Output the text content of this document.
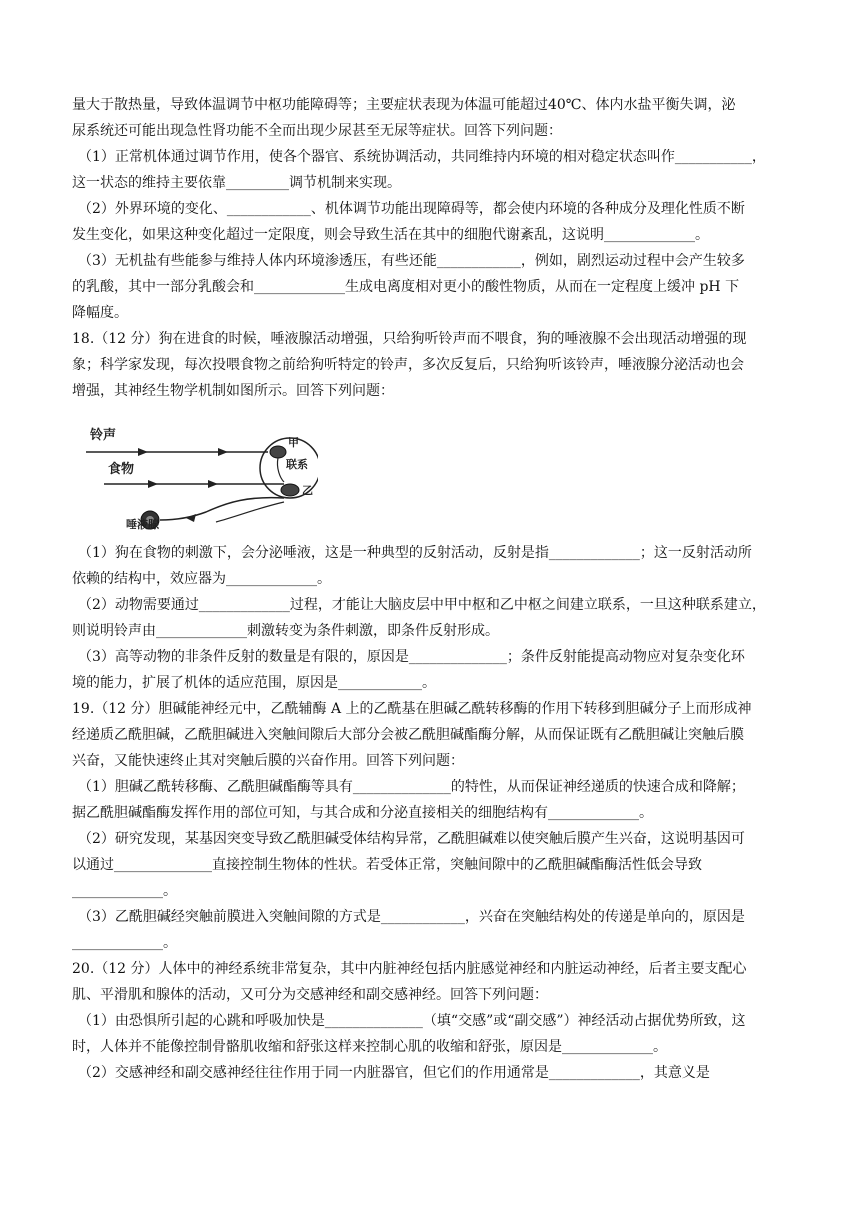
量大于散热量，导致体温调节中枢功能障碍等；主要症状表现为体温可能超过40℃、体内水盐平衡失调，泌
尿系统还可能出现急性肾功能不全而出现少尿甚至无尿等症状。回答下列问题：
（1）正常机体通过调节作用，使各个器官、系统协调活动，共同维持内环境的相对稳定状态叫作___________，
这一状态的维持主要依靠_________调节机制来实现。
（2）外界环境的变化、____________、机体调节功能出现障碍等，都会使内环境的各种成分及理化性质不断
发生变化，如果这种变化超过一定限度，则会导致生活在其中的细胞代谢紊乱，这说明_____________。
（3）无机盐有些能参与维持人体内环境渗透压，有些还能____________，例如，剧烈运动过程中会产生较多
的乳酸，其中一部分乳酸会和_____________生成电离度相对更小的酸性物质，从而在一定程度上缓冲 pH 下
降幅度。
18.（12 分）狗在进食的时候，唾液腺活动增强，只给狗听铃声而不喂食，狗的唾液腺不会出现活动增强的现
象；科学家发现，每次投喂食物之前给狗听特定的铃声，多次反复后，只给狗听该铃声，唾液腺分泌活动也会
增强，其神经生物学机制如图所示。回答下列问题：
铃声
食物
唾液腺
甲
联系
乙
（1）狗在食物的刺激下，会分泌唾液，这是一种典型的反射活动，反射是指_____________；这一反射活动所
依赖的结构中，效应器为_____________。
（2）动物需要通过_____________过程，才能让大脑皮层中甲中枢和乙中枢之间建立联系，一旦这种联系建立，
则说明铃声由_____________刺激转变为条件刺激，即条件反射形成。
（3）高等动物的非条件反射的数量是有限的，原因是______________；条件反射能提高动物应对复杂变化环
境的能力，扩展了机体的适应范围，原因是____________。
19.（12 分）胆碱能神经元中，乙酰辅酶 A 上的乙酰基在胆碱乙酰转移酶的作用下转移到胆碱分子上而形成神
经递质乙酰胆碱，乙酰胆碱进入突触间隙后大部分会被乙酰胆碱酯酶分解，从而保证既有乙酰胆碱让突触后膜
兴奋，又能快速终止其对突触后膜的兴奋作用。回答下列问题：
（1）胆碱乙酰转移酶、乙酰胆碱酯酶等具有______________的特性，从而保证神经递质的快速合成和降解；
据乙酰胆碱酯酶发挥作用的部位可知，与其合成和分泌直接相关的细胞结构有_____________。
（2）研究发现，某基因突变导致乙酰胆碱受体结构异常，乙酰胆碱难以使突触后膜产生兴奋，这说明基因可
以通过______________直接控制生物体的性状。若受体正常，突触间隙中的乙酰胆碱酯酶活性低会导致
_____________。
（3）乙酰胆碱经突触前膜进入突触间隙的方式是____________，兴奋在突触结构处的传递是单向的，原因是
_____________。
20.（12 分）人体中的神经系统非常复杂，其中内脏神经包括内脏感觉神经和内脏运动神经，后者主要支配心
肌、平滑肌和腺体的活动，又可分为交感神经和副交感神经。回答下列问题：
（1）由恐惧所引起的心跳和呼吸加快是______________（填“交感”或“副交感”）神经活动占据优势所致，这
时，人体并不能像控制骨骼肌收缩和舒张这样来控制心肌的收缩和舒张，原因是_____________。
（2）交感神经和副交感神经往往作用于同一内脏器官，但它们的作用通常是_____________，其意义是
